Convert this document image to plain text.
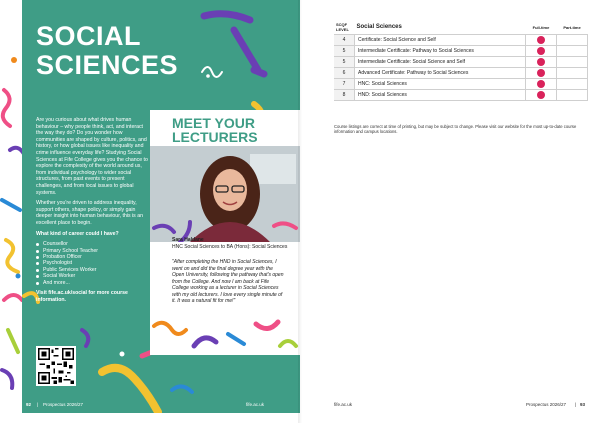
SOCIAL
SCIENCES

Are you curious about what drives human behaviour – why people think, act, and interact the way they do? Do you wonder how communities are shaped by culture, politics, and history, or how global issues like inequality and crime influence everyday life? Studying Social Sciences at Fife College gives you the chance to explore the complexity of the world around us, from individual psychology to wider social structures, from past events to present challenges, and from local issues to global systems.

Whether you're driven to address inequality, support others, shape policy, or simply gain deeper insight into human behaviour, this is an excellent place to begin.

What kind of career could I have?

Counsellor
Primary School Teacher
Probation Officer
Psychologist
Public Services Worker
Social Worker
And more...

Visit fife.ac.uk/social for more course information.

MEET YOUR
LECTURERS

Sara Haldane

HNC Social Sciences to BA (Hons): Social Sciences

"After completing the HND in Social Sciences, I went on and did the final degree year with the Open University, following the pathway that's open from the College. And now I am back at Fife College working as a lecturer in Social Sciences with my old lecturers. I love every single minute of it. It was a natural fit for me!"

92 | Prospectus 2026/27	fife.ac.uk
SCQF LEVEL	Social Sciences	Full-time	Part-time
4	Certificate: Social Science and Self		
5	Intermediate Certificate: Pathway to Social Sciences		
5	Intermediate Certificate: Social Science and Self		
6	Advanced Certificate: Pathway to Social Sciences		
7	HNC: Social Sciences		
8	HND: Social Sciences		

Course listings are correct at time of printing, but may be subject to change. Please visit our website for the most up-to-date course information and campus locations.

fife.ac.uk	Prospectus 2026/27 | 93
